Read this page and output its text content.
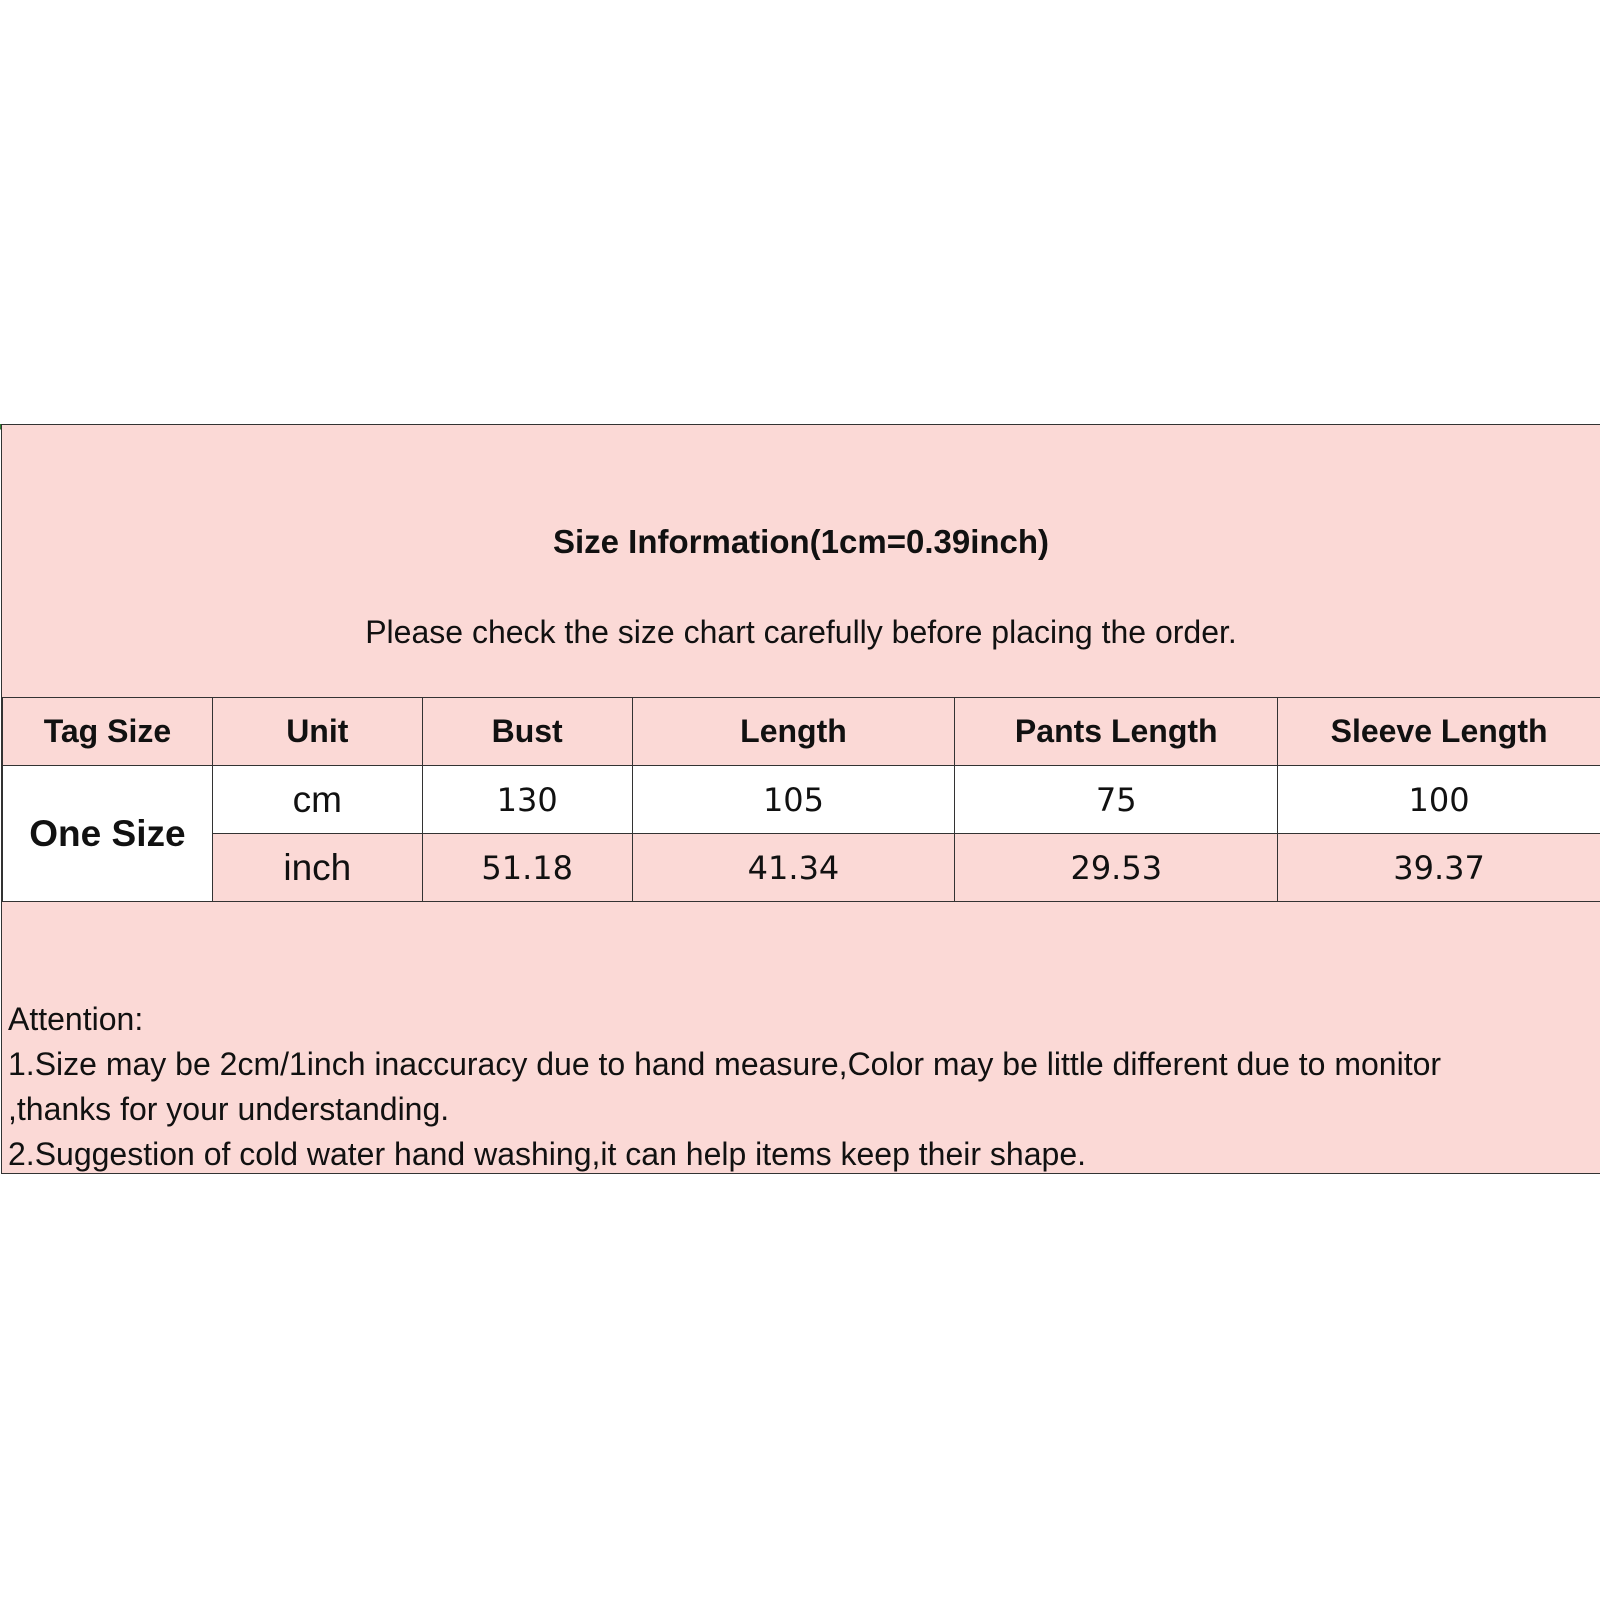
Size Information(1cm=0.39inch)
Please check the size chart carefully before placing the order.
Tag Size	Unit	Bust	Length	Pants Length	Sleeve Length
One Size	cm	130	105	75	100
	inch	51.18	41.34	29.53	39.37
Attention:
1.Size may be 2cm/1inch inaccuracy due to hand measure,Color may be little different due to monitor
,thanks for your understanding.
2.Suggestion of cold water hand washing,it can help items keep their shape.
